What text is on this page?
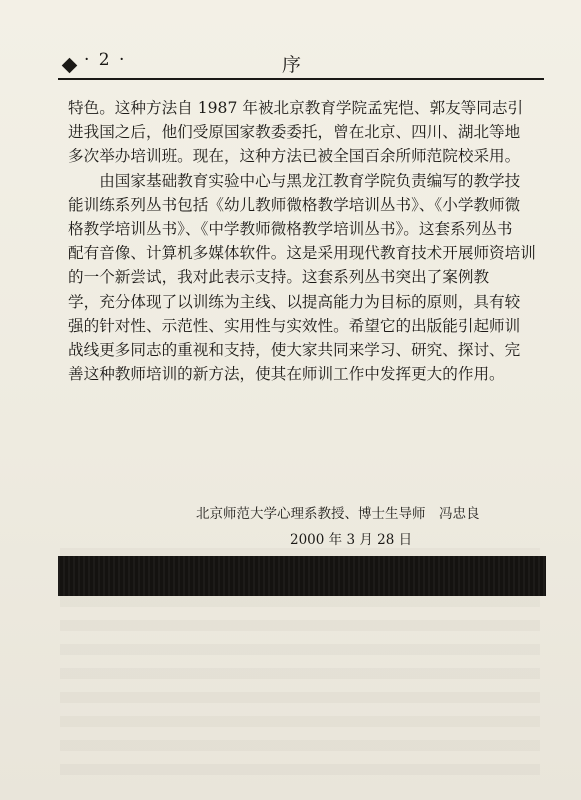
· 2 ·	序
特色。这种方法自 1987 年被北京教育学院孟宪恺、郭友等同志引
进我国之后，他们受原国家教委委托，曾在北京、四川、湖北等地
多次举办培训班。现在，这种方法已被全国百余所师范院校采用。
　　由国家基础教育实验中心与黑龙江教育学院负责编写的教学技
能训练系列丛书包括《幼儿教师微格教学培训丛书》、《小学教师微
格教学培训丛书》、《中学教师微格教学培训丛书》。这套系列丛书
配有音像、计算机多媒体软件。这是采用现代教育技术开展师资培训
的一个新尝试，我对此表示支持。这套系列丛书突出了案例教
学，充分体现了以训练为主线、以提高能力为目标的原则，具有较
强的针对性、示范性、实用性与实效性。希望它的出版能引起师训
战线更多同志的重视和支持，使大家共同来学习、研究、探讨、完
善这种教师培训的新方法，使其在师训工作中发挥更大的作用。
北京师范大学心理系教授、博士生导师　冯忠良
2000 年 3 月 28 日
